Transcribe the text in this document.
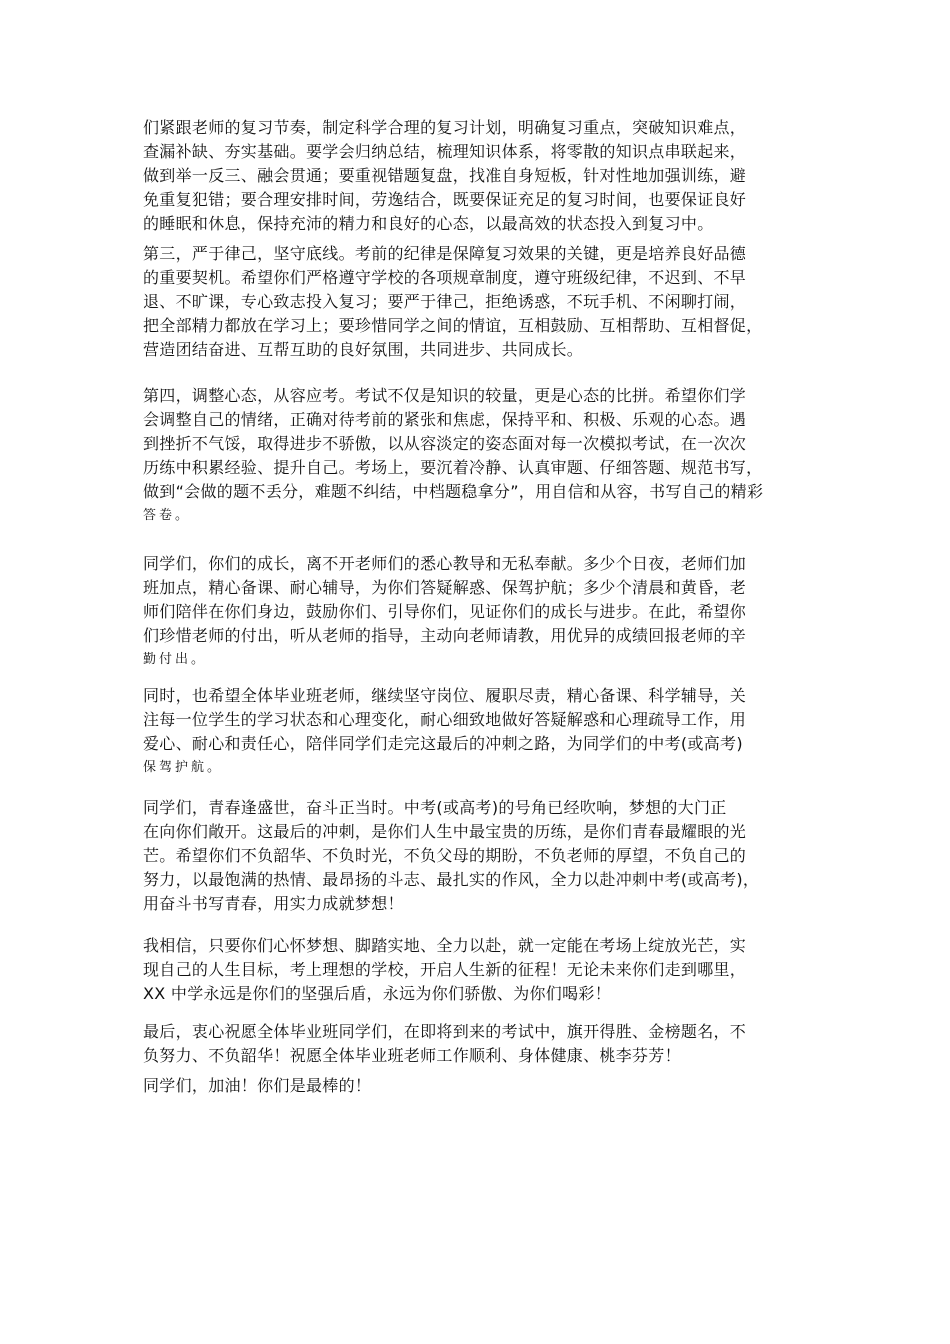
们紧跟老师的复习节奏，制定科学合理的复习计划，明确复习重点，突破知识难点，
查漏补缺、夯实基础。要学会归纳总结，梳理知识体系，将零散的知识点串联起来，
做到举一反三、融会贯通；要重视错题复盘，找准自身短板，针对性地加强训练，避
免重复犯错；要合理安排时间，劳逸结合，既要保证充足的复习时间，也要保证良好
的睡眠和休息，保持充沛的精力和良好的心态，以最高效的状态投入到复习中。
第三，严于律己，坚守底线。考前的纪律是保障复习效果的关键，更是培养良好品德
的重要契机。希望你们严格遵守学校的各项规章制度，遵守班级纪律，不迟到、不早
退、不旷课，专心致志投入复习；要严于律己，拒绝诱惑，不玩手机、不闲聊打闹，
把全部精力都放在学习上；要珍惜同学之间的情谊，互相鼓励、互相帮助、互相督促，
营造团结奋进、互帮互助的良好氛围，共同进步、共同成长。
第四，调整心态，从容应考。考试不仅是知识的较量，更是心态的比拼。希望你们学
会调整自己的情绪，正确对待考前的紧张和焦虑，保持平和、积极、乐观的心态。遇
到挫折不气馁，取得进步不骄傲，以从容淡定的姿态面对每一次模拟考试，在一次次
历练中积累经验、提升自己。考场上，要沉着冷静、认真审题、仔细答题、规范书写，
做到“会做的题不丢分，难题不纠结，中档题稳拿分”，用自信和从容，书写自己的精彩
答卷。
同学们，你们的成长，离不开老师们的悉心教导和无私奉献。多少个日夜，老师们加
班加点，精心备课、耐心辅导，为你们答疑解惑、保驾护航；多少个清晨和黄昏，老
师们陪伴在你们身边，鼓励你们、引导你们，见证你们的成长与进步。在此，希望你
们珍惜老师的付出，听从老师的指导，主动向老师请教，用优异的成绩回报老师的辛
勤付出。
同时，也希望全体毕业班老师，继续坚守岗位、履职尽责，精心备课、科学辅导，关
注每一位学生的学习状态和心理变化，耐心细致地做好答疑解惑和心理疏导工作，用
爱心、耐心和责任心，陪伴同学们走完这最后的冲刺之路，为同学们的中考(或高考)
保驾护航。
同学们，青春逢盛世，奋斗正当时。中考(或高考)的号角已经吹响，梦想的大门正
在向你们敞开。这最后的冲刺，是你们人生中最宝贵的历练，是你们青春最耀眼的光
芒。希望你们不负韶华、不负时光，不负父母的期盼，不负老师的厚望，不负自己的
努力，以最饱满的热情、最昂扬的斗志、最扎实的作风，全力以赴冲刺中考(或高考)，
用奋斗书写青春，用实力成就梦想！
我相信，只要你们心怀梦想、脚踏实地、全力以赴，就一定能在考场上绽放光芒，实
现自己的人生目标，考上理想的学校，开启人生新的征程！无论未来你们走到哪里，
XX 中学永远是你们的坚强后盾，永远为你们骄傲、为你们喝彩！
最后，衷心祝愿全体毕业班同学们，在即将到来的考试中，旗开得胜、金榜题名，不
负努力、不负韶华！祝愿全体毕业班老师工作顺利、身体健康、桃李芬芳！
同学们，加油！你们是最棒的！
